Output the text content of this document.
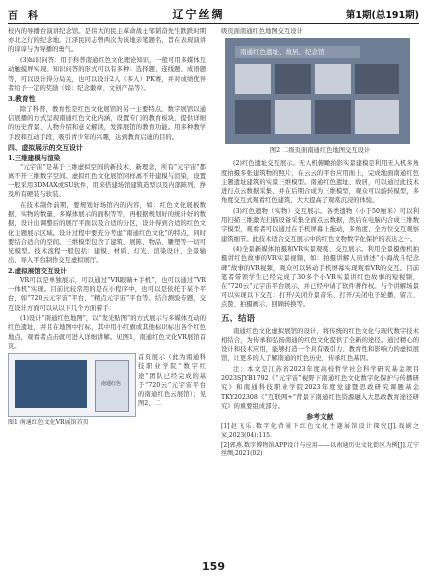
百科	辽宁丝绸	第1期(总191期)

校内的导播台演讲纪念馆。是伟大的民主革命战士邹韬奋先生跌跌时期亦北之行的纪念地。江泽民同志曾两次为该地亲笔题名，旨在表现演讲的谆谆与为导播的勇气。

(3)hi识问答：用于科普南通红色文化理论知识，一般可用多媒体互动触摸屏实现。知识问答的形式可以有多种：选择题、连线题、成语题等，可以设计得分局关，也可以设计2人（多人）PK赛，并对成绩优异者给予一定的奖励（如：纪念徽章、文创产品等）。

3.教育性

除了科普，教育性是红色文化展馆的另一主要特点。数字展馆以通信展播的方式呈现南通红色文化内涵，设置专门的教育板块，提供详细的历史背景、人物介绍和意义解读，发挥展馆的教育功能。用多种教学手段和互动手段，吸引青少年的兴趣，达到教育启迪的目的。

四、虚拟展示的交互设计
1.三维建模与渲染

“元宇宙”是基于三维虚拟空间的新技术、新理念，所有“元宇宙”都离不开三维数字空间。虚拟红色文化展馆同样离不开建模与渲染，设置一般采用3DMAX或SU软件，用来搭建场馆建筑造型以及内部陈列、挣及所有硬装与软装。

在技术制作前期，要规划好场馆内的内容，如：红色文化展板数据、实物的数量、多媒体展示的面积等等，再根据规划好的统计好的数据，设计出调整后的展厅平面以及合适的分区，设计得到合适的红色文化主题展示区域。设计过程中要充分考虑“南通红色文化”的特点，同时要结合适合的空间。三维模型包含了建筑、展陈、物品、雕塑等一切可见模型。技术流程一般包括：建模、材质、灯光、渲染设计、全景输出、导入平台制作交互虚拟展厅。

2.虚拟展馆交互设计

VR可以是单独展示，可以通过“VR眼睛+手机”，也可以通过“VR一体机”实现。目前比较常用的是在小程序中，也可以是依托于某个平台，如“720云元宇宙”平台、“精点元宇宙”平台等。结合测验专题，交互设计方面可以从以下几个方面着手：

(1)设计“南通红色地图”，以“发光贴图”的方式展示与多媒体互动的红色遗址，并且在地图中打标，其中用小红旗或其他标识标出各个红色地点，观看者点击就可进入详细讲解。见图1，南通红色文化VR展馆首页。

南通红色
首页展示（此为南通科技职业学院“数字红途”团队已经完成的基于“720云“元宇宙平台的南通红色云展馆）；见图2，二
图1 南通红色文化VR展馆首页

级页面南通红色地图交互设计

南通红色遗址、故居、纪念馆
图2 二级页面南通红色地图交互设计

(2)红色遗址交互展示。无人机俯瞰拍影实景建模是利用无人机多角度拍摄多张建筑物的照片，在云云的平台应用面上，完成地面南通红色主题遗址建筑的实景三维模型。南通红色遗址、故居，可以通过此技术进行点云数据采集，并在后期合成为三维模型，观众可以旋转模型，多角度交互式观看红色建筑，大大提高了观赏沉浸的体验。

(3)红色遗物（实物）交互展示。各类遗物（小于50厘米）可以利用扫描三维激光扫描设备采集全面点云数据，然后在电脑内合成三维数字模型，观看者可以通过在手机屏幕上拖动，多角度、全方位交互观察建筑细节。此技术适合交互展示中的红色文物数字化保护的表达之一。

(4)全景新媒体拍摄和VR实景观赏、交互展示。利用全景摄像机拍摄讲红色故事的VR实景视频，如：拍摄讲解人员讲述“小海战斗纪念碑”故事的VR视频，观众可以转动手机屏幕实现观看VR的交互。目前笔者带领学生已经完成了30多个小VR实景讲红色故事的短视频，在“720云“元宇宙平台展示，并已经申请了软件著作权。与个讲解场景可以实现以下交互：打开/关闭介景音乐、打开/关闭电子轮播、留言、点赞、拍摄画示、回顾转换等。

五、结语

南通红色文化虚拟展馆的设计，将传统的红色文化与现代数字技术相结合，为传承和弘扬南通的红色文化提供了全新的途径。通过精心的设计和技术应用，能够打造一个具有吸引力、教育性和影响力的虚拟展馆，让更多的人了解南通的红色历史，传承红色基因。

注：本文是江苏省2023年度高校哲学社会科学研究基金项目2023SJYB1792《“元宇宙”视野下南通红色文化数字化保护与传播研究》和南通科技职业学院2023年度党建暨思政研究课题基金TKY202308《“互联网+”背景下南通红色资源融入大思政教育途径研究》的重要组成部分。

参考文献

[1]赵飞乐.数字化背景下红色文化主题展馆设计探究[J].戏剧之家,2023(04):115.

[2]郭燕.数字博物馆APP设计与应用——以南通历史文化街区为例[J].辽宁丝绸,2021(02)

159
